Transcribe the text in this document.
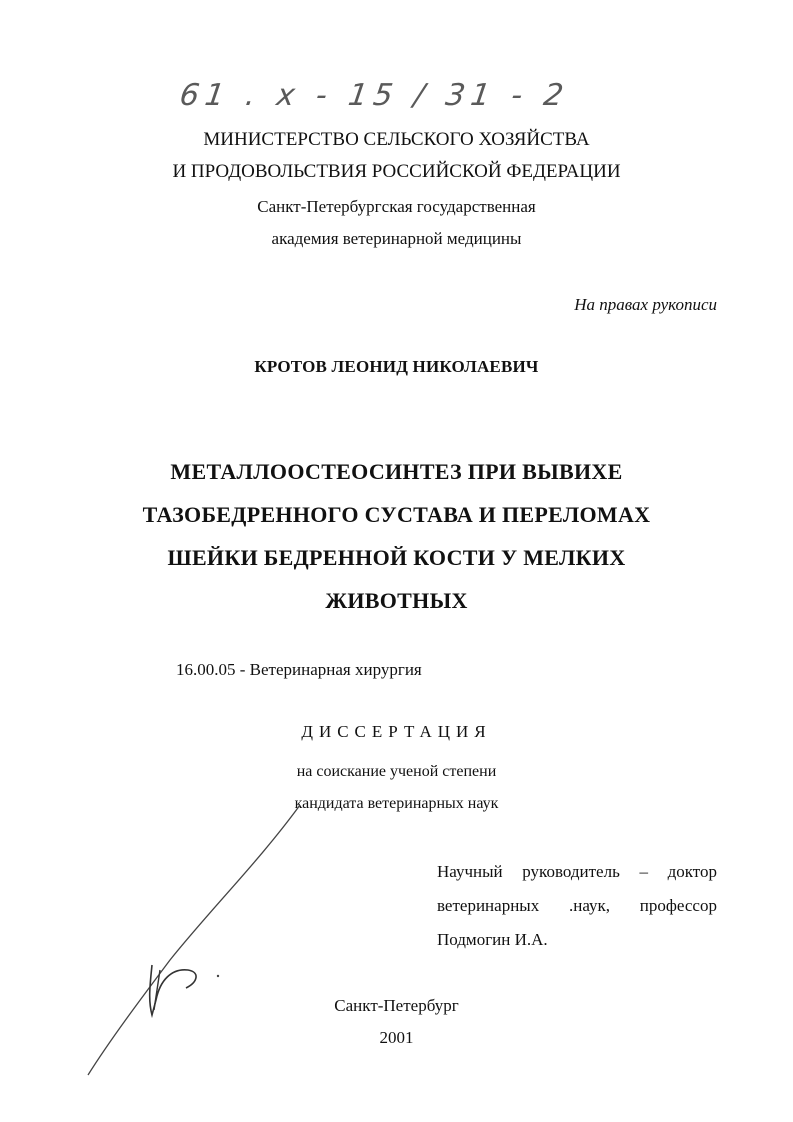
61 . x - 15 / 31 - 2
МИНИСТЕРСТВО СЕЛЬСКОГО ХОЗЯЙСТВА
И ПРОДОВОЛЬСТВИЯ РОССИЙСКОЙ ФЕДЕРАЦИИ
Санкт-Петербургская государственная
академия ветеринарной медицины
На правах рукописи
КРОТОВ ЛЕОНИД НИКОЛАЕВИЧ
МЕТАЛЛООСТЕОСИНТЕЗ ПРИ ВЫВИХЕ
ТАЗОБЕДРЕННОГО СУСТАВА И ПЕРЕЛОМАХ
ШЕЙКИ БЕДРЕННОЙ КОСТИ У МЕЛКИХ
ЖИВОТНЫХ
16.00.05 - Ветеринарная хирургия
ДИССЕРТАЦИЯ
на соискание ученой степени
кандидата ветеринарных наук
Научный руководитель – доктор
ветеринарных .наук, профессор
Подмогин И.А.
Санкт-Петербург
2001
